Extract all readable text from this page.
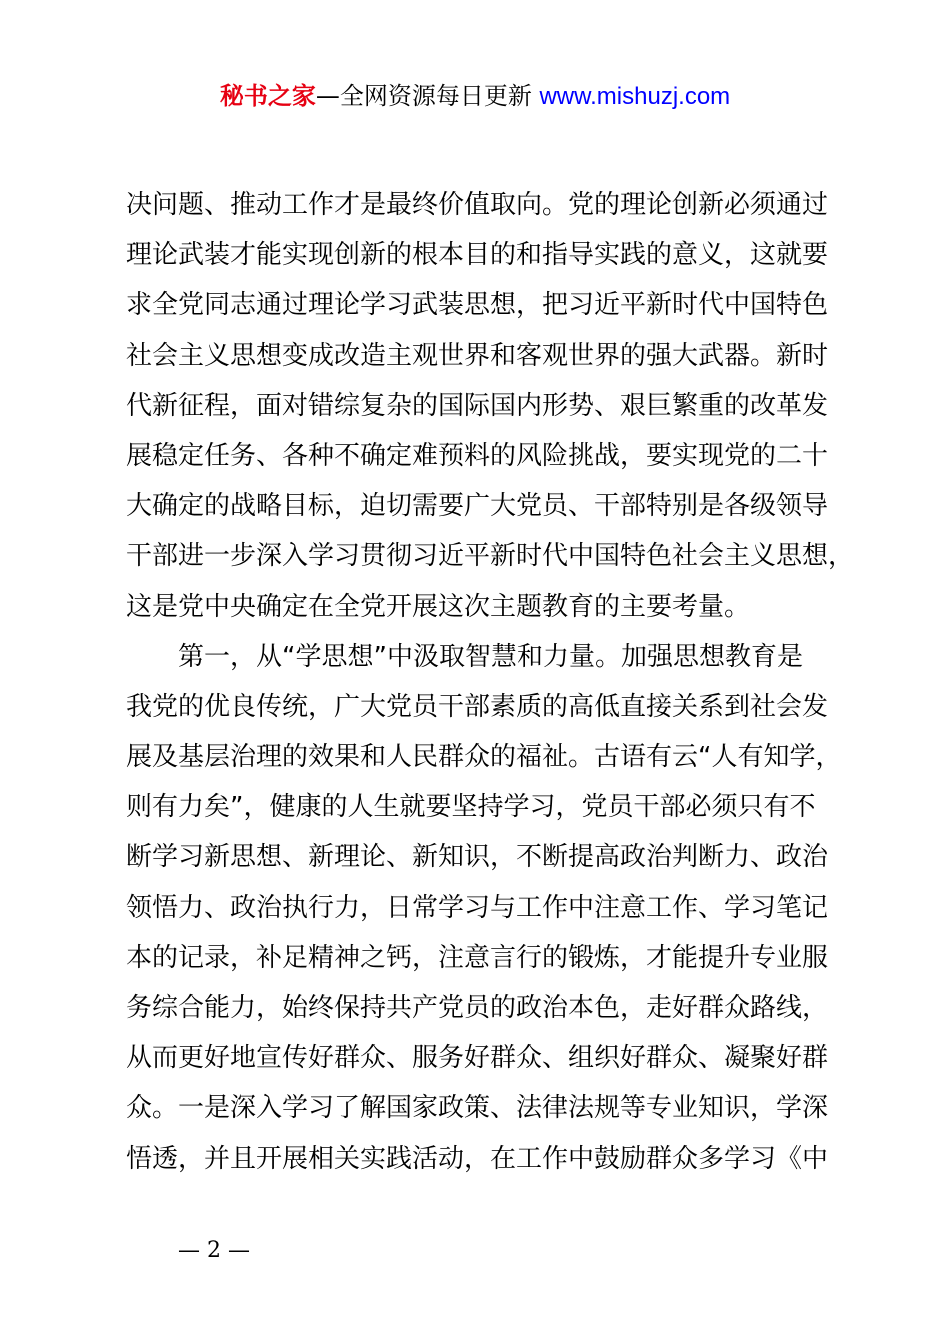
秘书之家—全网资源每日更新 www.mishuzj.com
决问题、推动工作才是最终价值取向。党的理论创新必须通过
理论武装才能实现创新的根本目的和指导实践的意义，这就要
求全党同志通过理论学习武装思想，把习近平新时代中国特色
社会主义思想变成改造主观世界和客观世界的强大武器。新时
代新征程，面对错综复杂的国际国内形势、艰巨繁重的改革发
展稳定任务、各种不确定难预料的风险挑战，要实现党的二十
大确定的战略目标，迫切需要广大党员、干部特别是各级领导
干部进一步深入学习贯彻习近平新时代中国特色社会主义思想，
这是党中央确定在全党开展这次主题教育的主要考量。
第一，从“学思想”中汲取智慧和力量。加强思想教育是
我党的优良传统，广大党员干部素质的高低直接关系到社会发
展及基层治理的效果和人民群众的福祉。古语有云“人有知学，
则有力矣”，健康的人生就要坚持学习，党员干部必须只有不
断学习新思想、新理论、新知识，不断提高政治判断力、政治
领悟力、政治执行力，日常学习与工作中注意工作、学习笔记
本的记录，补足精神之钙，注意言行的锻炼，才能提升专业服
务综合能力，始终保持共产党员的政治本色，走好群众路线，
从而更好地宣传好群众、服务好群众、组织好群众、凝聚好群
众。一是深入学习了解国家政策、法律法规等专业知识，学深
悟透，并且开展相关实践活动，在工作中鼓励群众多学习《中
— 2 —
